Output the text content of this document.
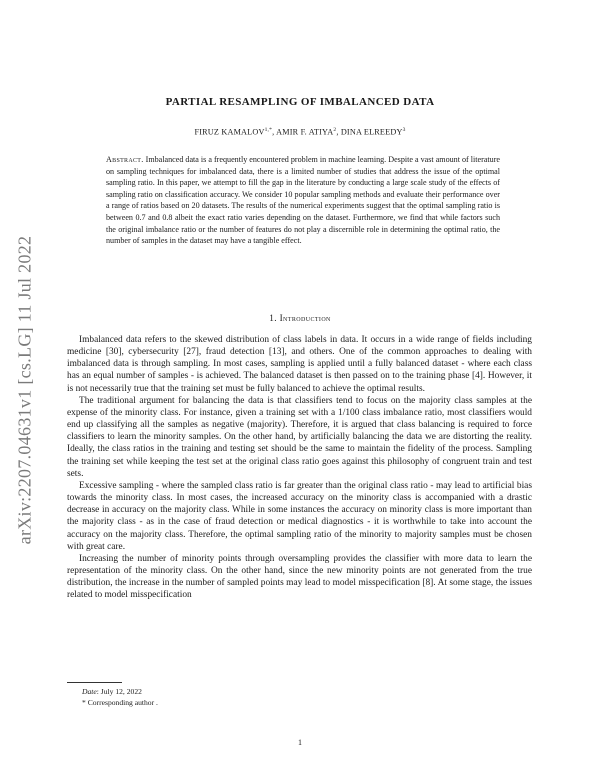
arXiv:2207.04631v1 [cs.LG] 11 Jul 2022
PARTIAL RESAMPLING OF IMBALANCED DATA
FIRUZ $KAMALOV^{1,*}$, AMIR F. ATIYA$^2$, DINA ELREEDY$^3$
Abstract. Imbalanced data is a frequently encountered problem in machine learning. Despite a vast amount of literature on sampling techniques for imbalanced data, there is a limited number of studies that address the issue of the optimal sampling ratio. In this paper, we attempt to fill the gap in the literature by conducting a large scale study of the effects of sampling ratio on classification accuracy. We consider 10 popular sampling methods and evaluate their performance over a range of ratios based on 20 datasets. The results of the numerical experiments suggest that the optimal sampling ratio is between 0.7 and 0.8 albeit the exact ratio varies depending on the dataset. Furthermore, we find that while factors such the original imbalance ratio or the number of features do not play a discernible role in determining the optimal ratio, the number of samples in the dataset may have a tangible effect.
1. Introduction

Imbalanced data refers to the skewed distribution of class labels in data. It occurs in a wide range of fields including medicine [30], cybersecurity [27], fraud detection [13], and others. One of the common approaches to dealing with imbalanced data is through sampling. In most cases, sampling is applied until a fully balanced dataset - where each class has an equal number of samples - is achieved. The balanced dataset is then passed on to the training phase [4]. However, it is not necessarily true that the training set must be fully balanced to achieve the optimal results.

The traditional argument for balancing the data is that classifiers tend to focus on the majority class samples at the expense of the minority class. For instance, given a training set with a 1/100 class imbalance ratio, most classifiers would end up classifying all the samples as negative (majority). Therefore, it is argued that class balancing is required to force classifiers to learn the minority samples. On the other hand, by artificially balancing the data we are distorting the reality. Ideally, the class ratios in the training and testing set should be the same to maintain the fidelity of the process. Sampling the training set while keeping the test set at the original class ratio goes against this philosophy of congruent train and test sets.

Excessive sampling - where the sampled class ratio is far greater than the original class ratio - may lead to artificial bias towards the minority class. In most cases, the increased accuracy on the minority class is accompanied with a drastic decrease in accuracy on the majority class. While in some instances the accuracy on minority class is more important than the majority class - as in the case of fraud detection or medical diagnostics - it is worthwhile to take into account the accuracy on the majority class. Therefore, the optimal sampling ratio of the minority to majority samples must be chosen with great care.

Increasing the number of minority points through oversampling provides the classifier with more data to learn the representation of the minority class. On the other hand, since the new minority points are not generated from the true distribution, the increase in the number of sampled points may lead to model misspecification [8]. At some stage, the issues related to model misspecification

Date: July 12, 2022
* Corresponding author .
1
